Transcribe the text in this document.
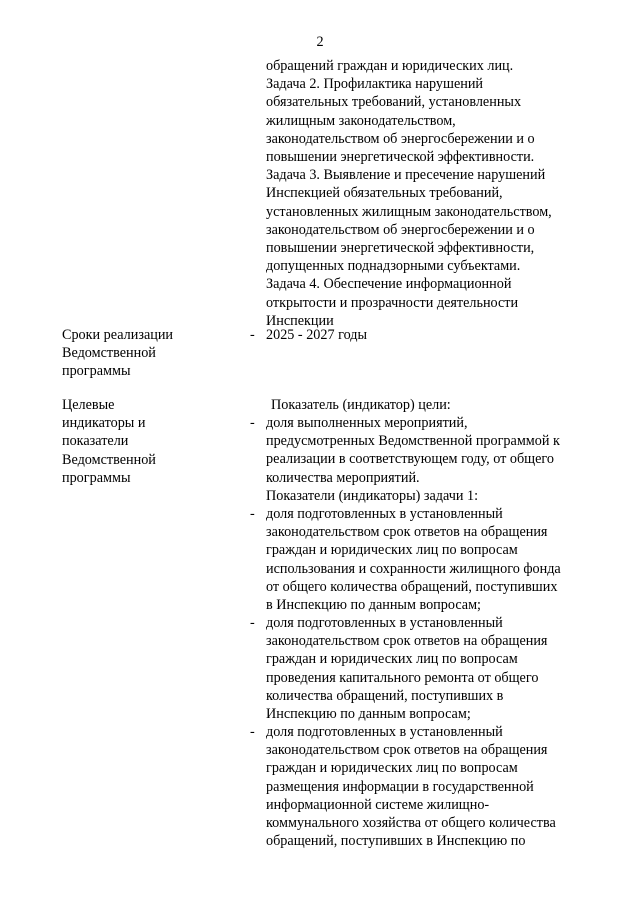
2
обращений граждан и юридических лиц.
Задача 2. Профилактика нарушений
обязательных требований, установленных
жилищным законодательством,
законодательством об энергосбережении и о
повышении энергетической эффективности.
Задача 3. Выявление и пресечение нарушений
Инспекцией обязательных требований,
установленных жилищным законодательством,
законодательством об энергосбережении и о
повышении энергетической эффективности,
допущенных поднадзорными субъектами.
Задача 4. Обеспечение информационной
открытости и прозрачности деятельности
Инспекции
Сроки реализации
Ведомственной
программы
- 2025 - 2027 годы
Целевые
индикаторы и
показатели
Ведомственной
программы
Показатель (индикатор) цели:
- доля выполненных мероприятий,
предусмотренных Ведомственной программой к
реализации в соответствующем году, от общего
количества мероприятий.
Показатели (индикаторы) задачи 1:
- доля подготовленных в установленный
законодательством срок ответов на обращения
граждан и юридических лиц по вопросам
использования и сохранности жилищного фонда
от общего количества обращений, поступивших
в Инспекцию по данным вопросам;
- доля подготовленных в установленный
законодательством срок ответов на обращения
граждан и юридических лиц по вопросам
проведения капитального ремонта от общего
количества обращений, поступивших в
Инспекцию по данным вопросам;
- доля подготовленных в установленный
законодательством срок ответов на обращения
граждан и юридических лиц по вопросам
размещения информации в государственной
информационной системе жилищно-
коммунального хозяйства от общего количества
обращений, поступивших в Инспекцию по
